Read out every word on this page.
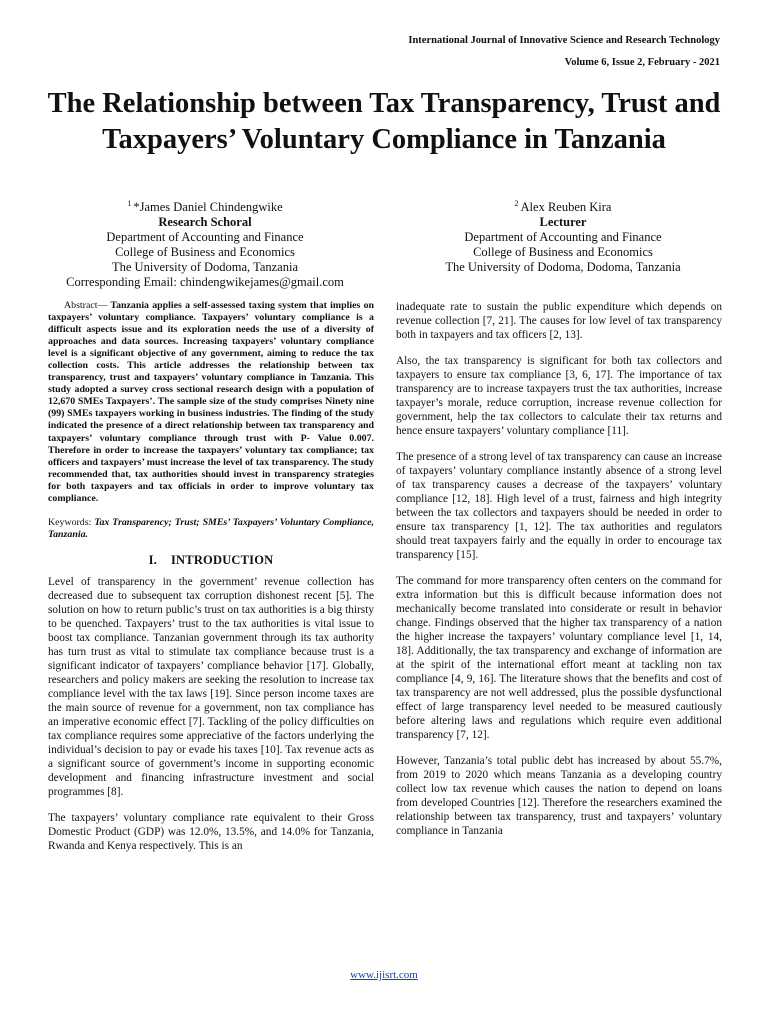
International Journal of Innovative Science and Research Technology
Volume 6, Issue 2, February - 2021
The Relationship between Tax Transparency, Trust and Taxpayers’ Voluntary Compliance in Tanzania
$^1$ *James Daniel Chindengwike
Research Schoral
Department of Accounting and Finance
College of Business and Economics
The University of Dodoma, Tanzania
Corresponding Email: chindengwikejames@gmail.com
$^2$ Alex Reuben Kira
Lecturer
Department of Accounting and Finance
College of Business and Economics
The University of Dodoma, Dodoma, Tanzania

Abstract— Tanzania applies a self-assessed taxing system that implies on taxpayers’ voluntary compliance. Taxpayers’ voluntary compliance is a difficult aspects issue and its exploration needs the use of a diversity of approaches and data sources. Increasing taxpayers’ voluntary compliance level is a significant objective of any government, aiming to reduce the tax collection costs. This article addresses the relationship between tax transparency, trust and taxpayers’ voluntary compliance in Tanzania. This study adopted a survey cross sectional research design with a population of 12,670 SMEs Taxpayers’. The sample size of the study comprises Ninety nine (99) SMEs taxpayers working in business industries. The finding of the study indicated the presence of a direct relationship between tax transparency and taxpayers’ voluntary compliance through trust with P- Value 0.007. Therefore in order to increase the taxpayers’ voluntary tax compliance; tax officers and taxpayers’ must increase the level of tax transparency. The study recommended that, tax authorities should invest in transparency strategies for both taxpayers and tax officials in order to improve voluntary tax compliance.

Keywords: Tax Transparency; Trust; SMEs’ Taxpayers’ Voluntary Compliance, Tanzania.

I. INTRODUCTION

Level of transparency in the government’ revenue collection has decreased due to subsequent tax corruption dishonest recent [5]. The solution on how to return public’s trust on tax authorities is a big thirsty to be quenched. Taxpayers’ trust to the tax authorities is vital issue to boost tax compliance. Tanzanian government through its tax authority has turn trust as vital to stimulate tax compliance because trust is a significant indicator of taxpayers’ compliance behavior [17]. Globally, researchers and policy makers are seeking the resolution to increase tax compliance level with the tax laws [19]. Since person income taxes are the main source of revenue for a government, non tax compliance has an imperative economic effect [7]. Tackling of the policy difficulties on tax compliance requires some appreciative of the factors underlying the individual’s decision to pay or evade his taxes [10]. Tax revenue acts as a significant source of government’s income in supporting economic development and financing infrastructure investment and social programmes [8].

The taxpayers’ voluntary compliance rate equivalent to their Gross Domestic Product (GDP) was 12.0%, 13.5%, and 14.0% for Tanzania, Rwanda and Kenya respectively. This is an

inadequate rate to sustain the public expenditure which depends on revenue collection [7, 21]. The causes for low level of tax transparency both in taxpayers and tax officers [2, 13].

Also, the tax transparency is significant for both tax collectors and taxpayers to ensure tax compliance [3, 6, 17]. The importance of tax transparency are to increase taxpayers trust the tax authorities, increase taxpayer’s morale, reduce corruption, increase revenue collection for government, help the tax collectors to calculate their tax returns and hence ensure taxpayers’ voluntary compliance [11].

The presence of a strong level of tax transparency can cause an increase of taxpayers’ voluntary compliance instantly absence of a strong level of tax transparency causes a decrease of the taxpayers’ voluntary compliance [12, 18]. High level of a trust, fairness and high integrity between the tax collectors and taxpayers should be needed in order to ensure tax transparency [1, 12]. The tax authorities and regulators should treat taxpayers fairly and the equally in order to encourage tax transparency [15].

The command for more transparency often centers on the command for extra information but this is difficult because information does not mechanically become translated into considerate or result in behavior change. Findings observed that the higher tax transparency of a nation the higher increase the taxpayers’ voluntary compliance level [1, 14, 18]. Additionally, the tax transparency and exchange of information are at the spirit of the international effort meant at tackling non tax compliance [4, 9, 16]. The literature shows that the benefits and cost of tax transparency are not well addressed, plus the possible dysfunctional effect of large transparency level needed to be measured cautiously before altering laws and regulations which require even additional transparency [7, 12].

However, Tanzania’s total public debt has increased by about 55.7%, from 2019 to 2020 which means Tanzania as a developing country collect low tax revenue which causes the nation to depend on loans from developed Countries [12]. Therefore the researchers examined the relationship between tax transparency, trust and taxpayers’ voluntary compliance in Tanzania

www.ijisrt.com
